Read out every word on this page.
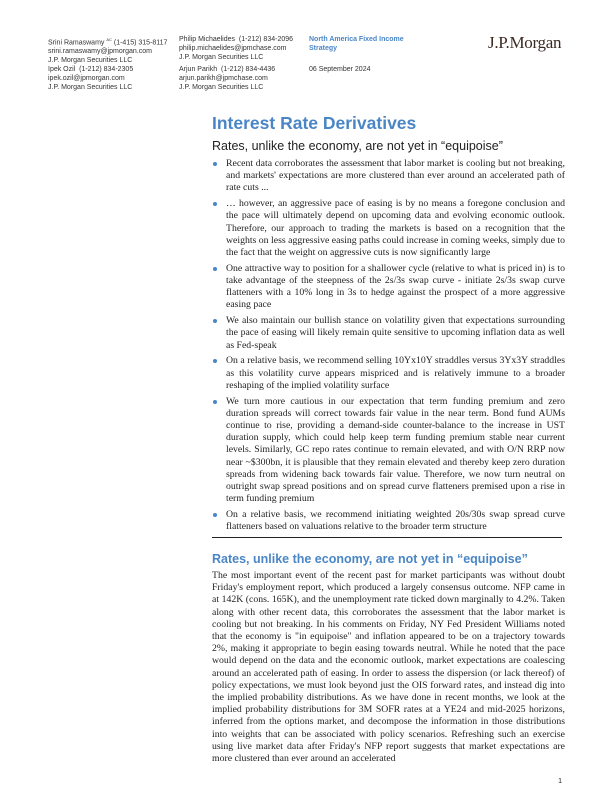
Srini Ramaswamy $^{AC}$ (1-415) 315-8117
srini.ramaswamy@jpmorgan.com
J.P. Morgan Securities LLC
Ipek Ozil (1-212) 834-2305
ipek.ozil@jpmorgan.com
J.P. Morgan Securities LLC
Philip Michaelides (1-212) 834-2096
philip.michaelides@jpmchase.com
J.P. Morgan Securities LLC
Arjun Parikh (1-212) 834-4436
arjun.parikh@jpmchase.com
J.P. Morgan Securities LLC
North America Fixed Income Strategy
06 September 2024
J.P.Morgan
Interest Rate Derivatives
Rates, unlike the economy, are not yet in “equipoise”
Recent data corroborates the assessment that labor market is cooling but not breaking, and markets' expectations are more clustered than ever around an accelerated path of rate cuts ...
… however, an aggressive pace of easing is by no means a foregone conclusion and the pace will ultimately depend on upcoming data and evolving economic outlook. Therefore, our approach to trading the markets is based on a recognition that the weights on less aggressive easing paths could increase in coming weeks, simply due to the fact that the weight on aggressive cuts is now significantly large
One attractive way to position for a shallower cycle (relative to what is priced in) is to take advantage of the steepness of the 2s/3s swap curve - initiate 2s/3s swap curve flatteners with a 10% long in 3s to hedge against the prospect of a more aggressive easing pace
We also maintain our bullish stance on volatility given that expectations surrounding the pace of easing will likely remain quite sensitive to upcoming inflation data as well as Fed-speak
On a relative basis, we recommend selling 10Yx10Y straddles versus 3Yx3Y straddles as this volatility curve appears mispriced and is relatively immune to a broader reshaping of the implied volatility surface
We turn more cautious in our expectation that term funding premium and zero duration spreads will correct towards fair value in the near term. Bond fund AUMs continue to rise, providing a demand-side counter-balance to the increase in UST duration supply, which could help keep term funding premium stable near current levels. Similarly, GC repo rates continue to remain elevated, and with O/N RRP now near ~$300bn, it is plausible that they remain elevated and thereby keep zero duration spreads from widening back towards fair value. Therefore, we now turn neutral on outright swap spread positions and on spread curve flatteners premised upon a rise in term funding premium
On a relative basis, we recommend initiating weighted 20s/30s swap spread curve flatteners based on valuations relative to the broader term structure
Rates, unlike the economy, are not yet in “equipoise”

The most important event of the recent past for market participants was without doubt Friday's employment report, which produced a largely consensus outcome. NFP came in at 142K (cons. 165K), and the unemployment rate ticked down marginally to 4.2%. Taken along with other recent data, this corroborates the assessment that the labor market is cooling but not breaking. In his comments on Friday, NY Fed President Williams noted that the economy is "in equipoise" and inflation appeared to be on a trajectory towards 2%, making it appropriate to begin easing towards neutral. While he noted that the pace would depend on the data and the economic outlook, market expectations are coalescing around an accelerated path of easing. In order to assess the dispersion (or lack thereof) of policy expectations, we must look beyond just the OIS forward rates, and instead dig into the implied probability distributions. As we have done in recent months, we look at the implied probability distributions for 3M SOFR rates at a YE24 and mid-2025 horizons, inferred from the options market, and decompose the information in those distributions into weights that can be associated with policy scenarios. Refreshing such an exercise using live market data after Friday's NFP report suggests that market expectations are more clustered than ever around an accelerated

1
